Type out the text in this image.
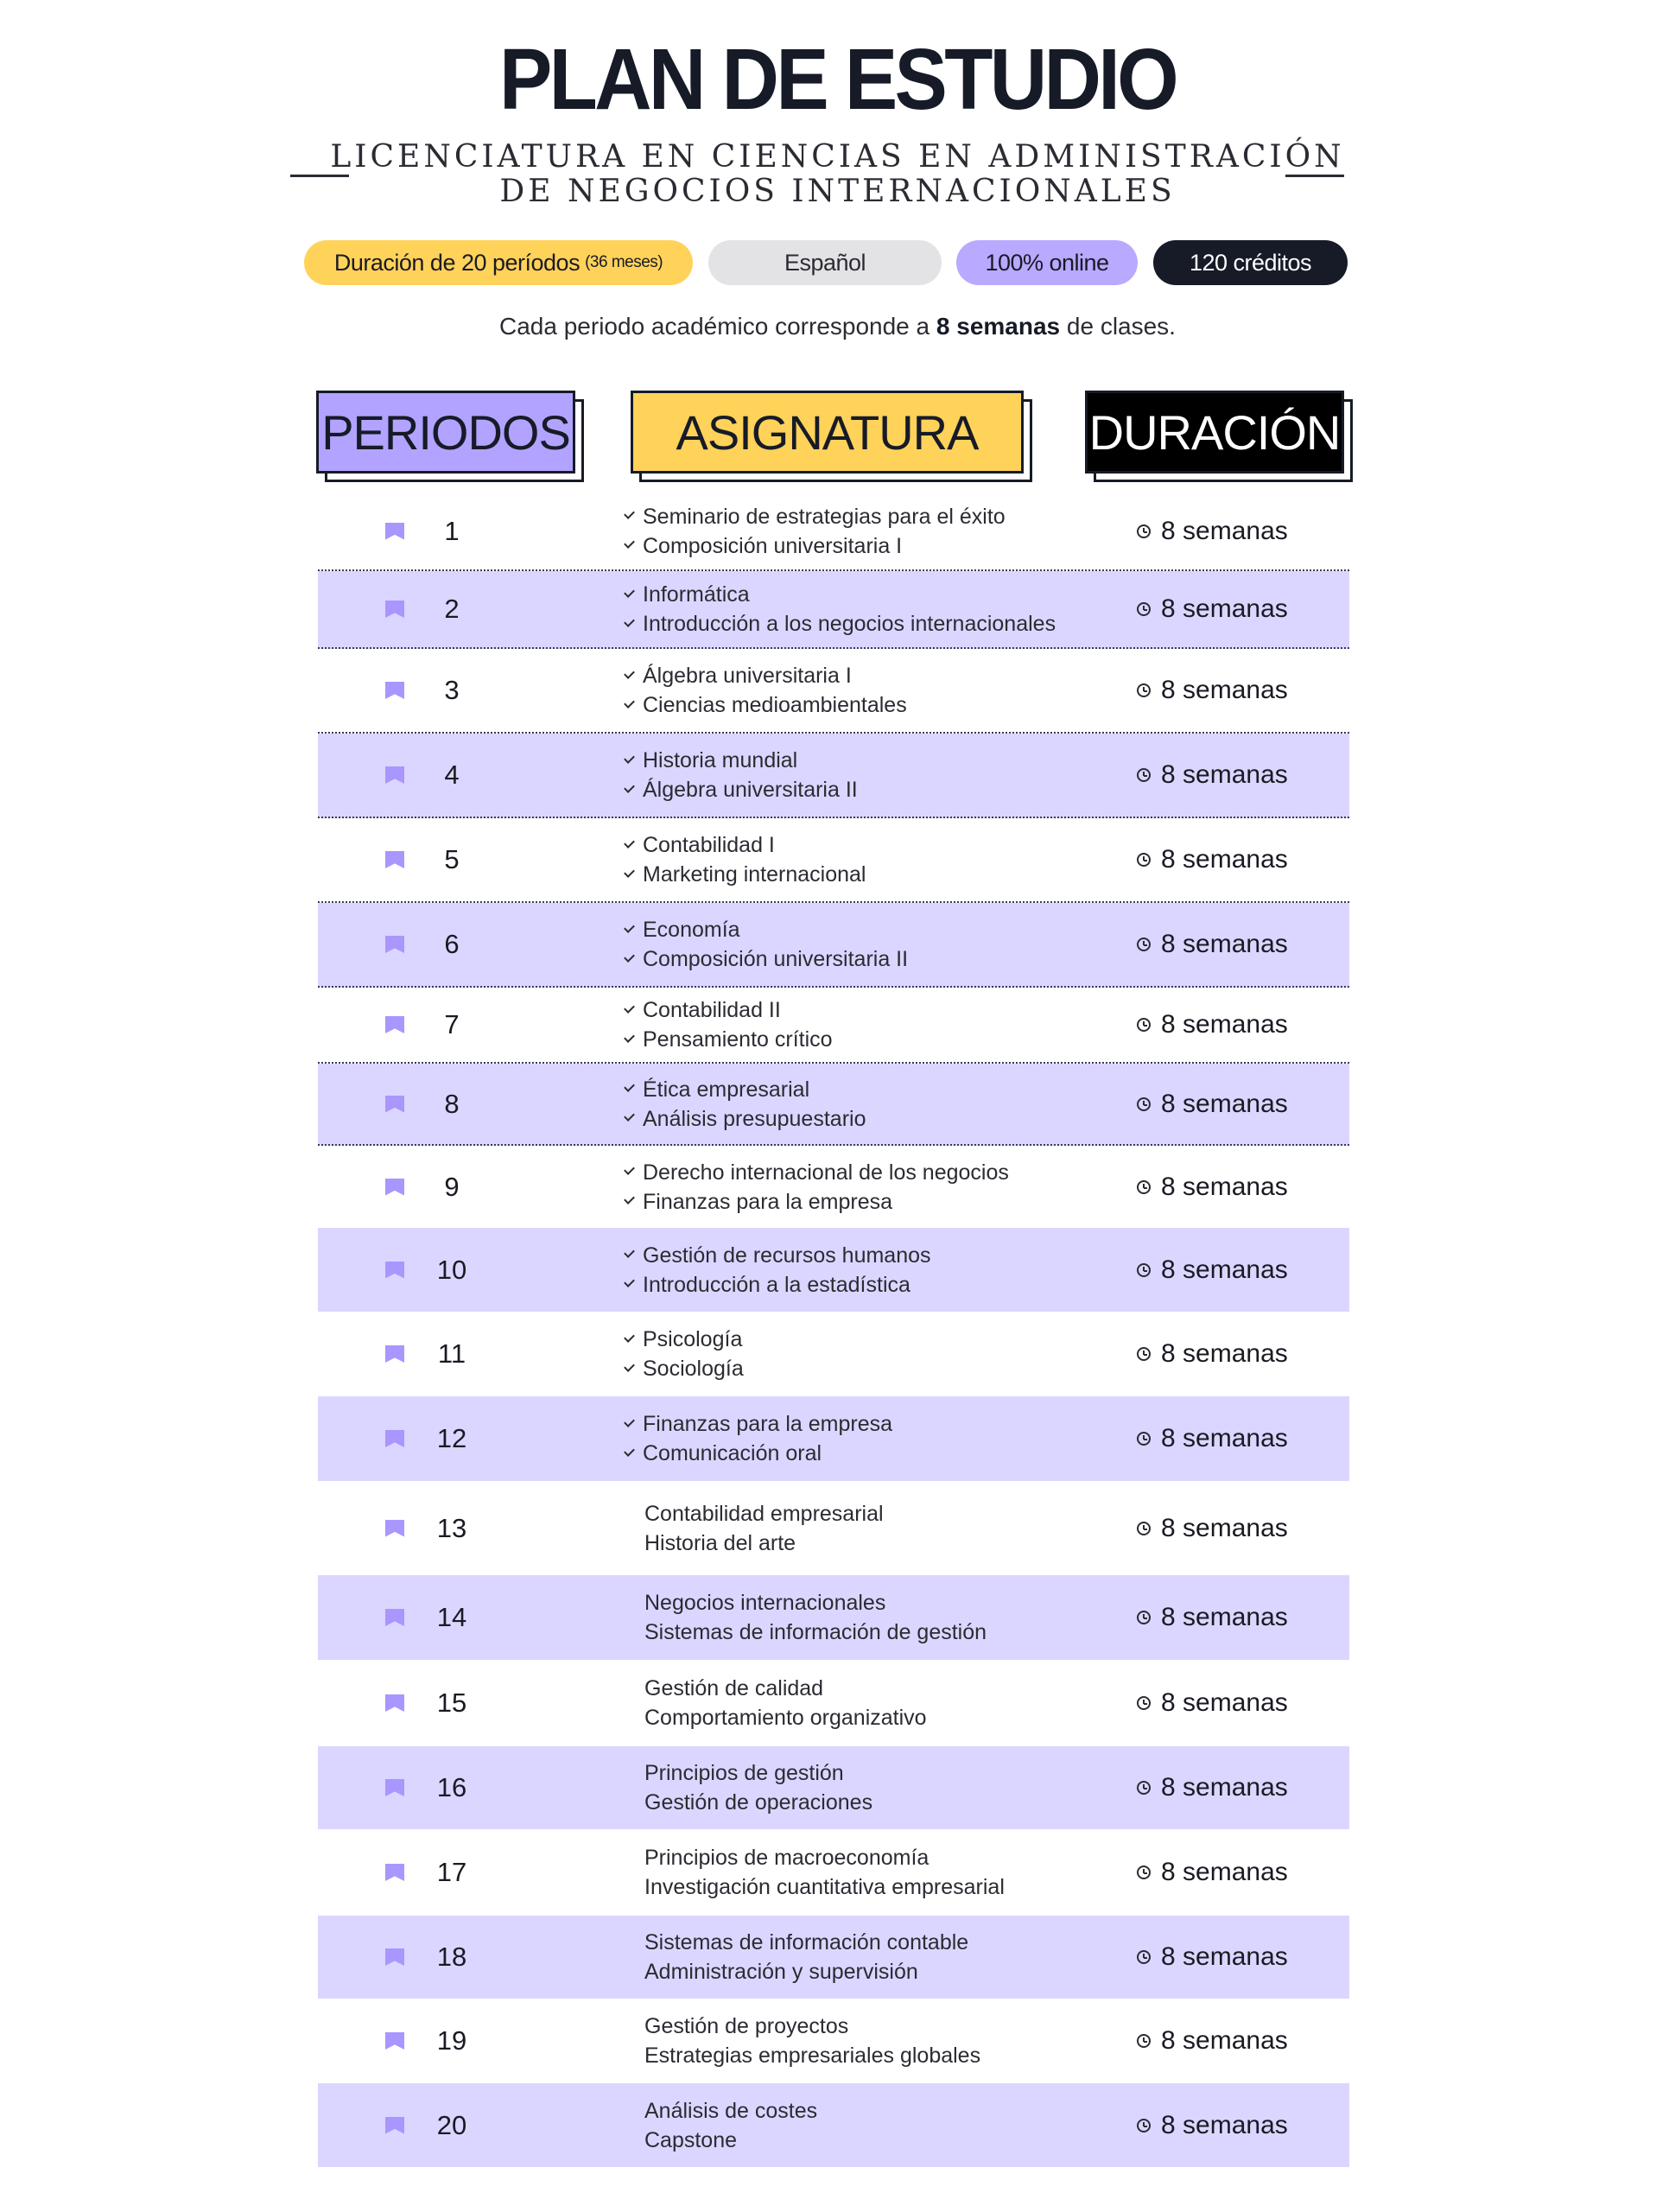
PLAN DE ESTUDIO
LICENCIATURA EN CIENCIAS EN ADMINISTRACIÓN
DE NEGOCIOS INTERNACIONALES
Duración de 20 períodos (36 meses)	Español	100% online	120 créditos
Cada periodo académico corresponde a 8 semanas de clases.
PERIODOS	ASIGNATURA	DURACIÓN
1	Seminario de estrategias para el éxito
Composición universitaria I
8 semanas
2	Informática
Introducción a los negocios internacionales
8 semanas
3	Álgebra universitaria I
Ciencias medioambientales
8 semanas
4	Historia mundial
Álgebra universitaria II
8 semanas
5	Contabilidad I
Marketing internacional
8 semanas
6	Economía
Composición universitaria II
8 semanas
7	Contabilidad II
Pensamiento crítico
8 semanas
8	Ética empresarial
Análisis presupuestario
8 semanas
9	Derecho internacional de los negocios
Finanzas para la empresa
8 semanas
10	Gestión de recursos humanos
Introducción a la estadística
8 semanas
11	Psicología
Sociología
8 semanas
12	Finanzas para la empresa
Comunicación oral
8 semanas
13	Contabilidad empresarial
Historia del arte
8 semanas
14	Negocios internacionales
Sistemas de información de gestión
8 semanas
15	Gestión de calidad
Comportamiento organizativo
8 semanas
16	Principios de gestión
Gestión de operaciones
8 semanas
17	Principios de macroeconomía
Investigación cuantitativa empresarial
8 semanas
18	Sistemas de información contable
Administración y supervisión
8 semanas
19	Gestión de proyectos
Estrategias empresariales globales
8 semanas
20	Análisis de costes
Capstone
8 semanas
